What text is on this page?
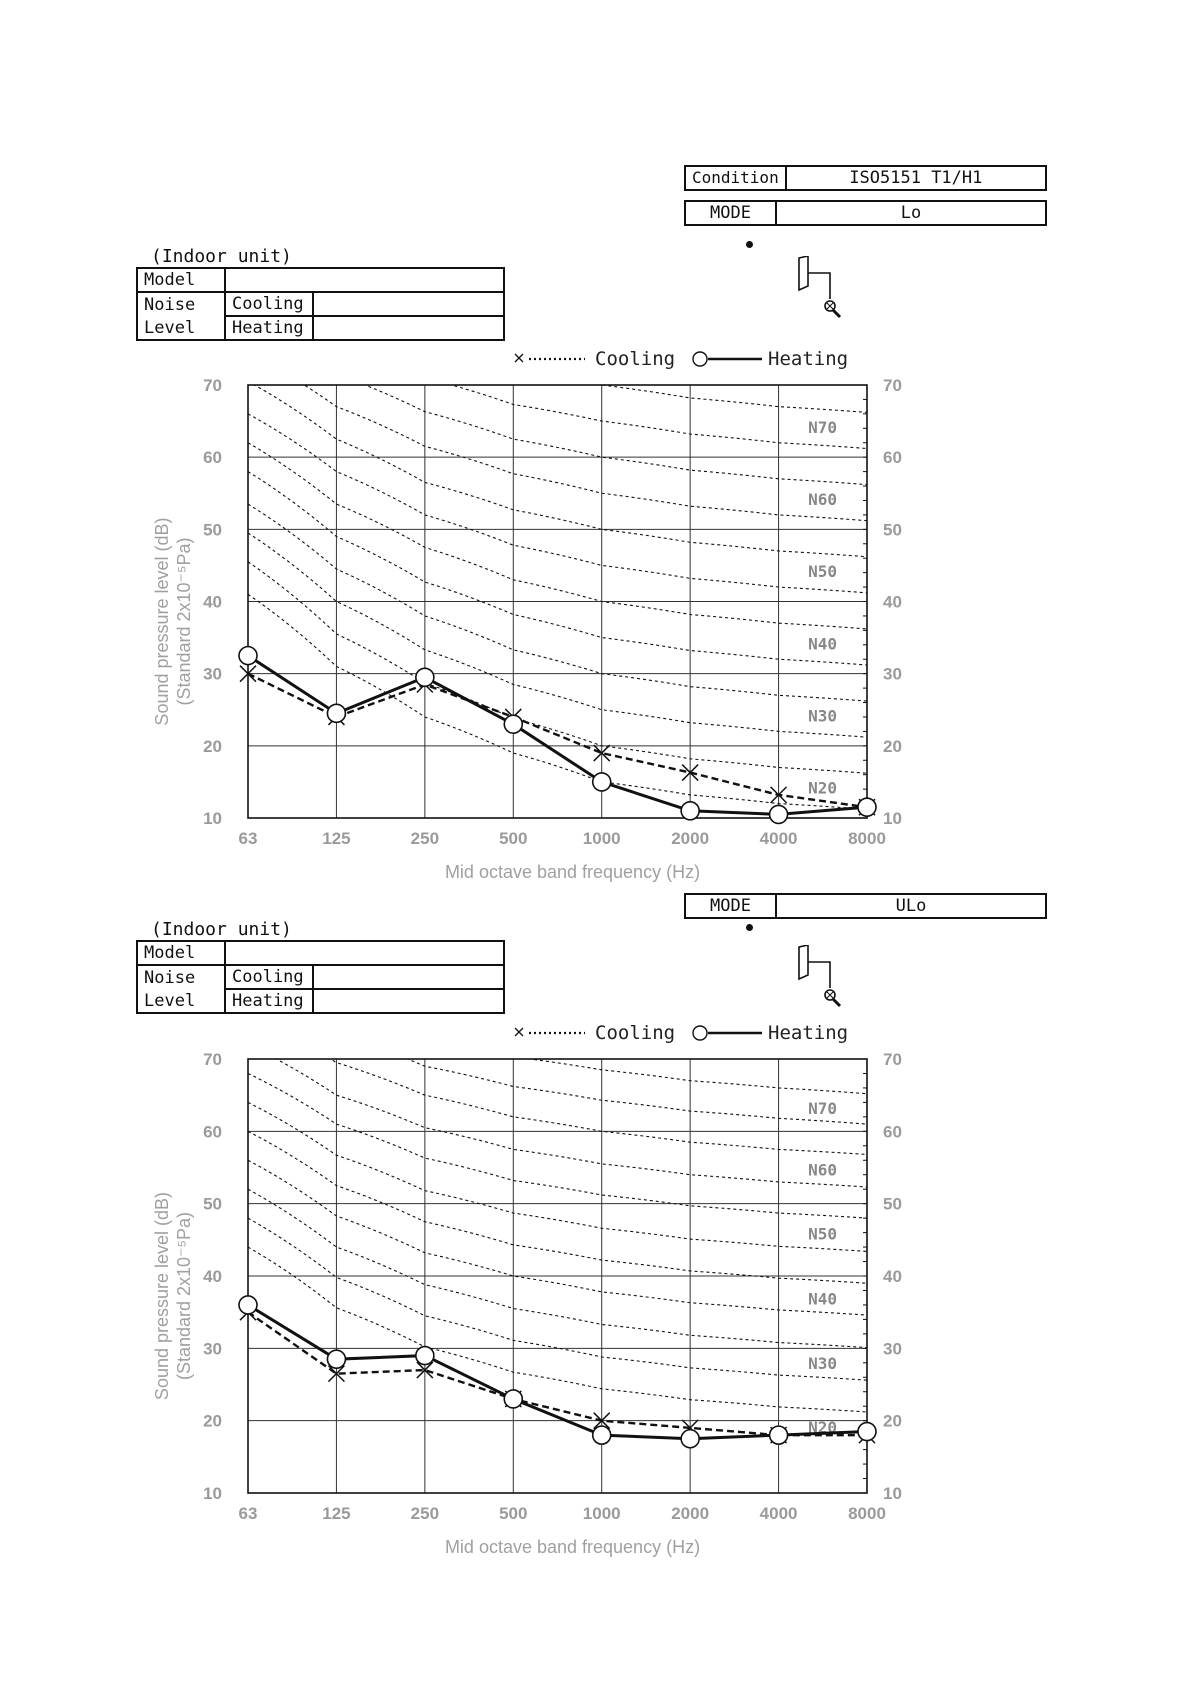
Condition	ISO5151 T1/H1
MODE	Lo
(Indoor unit)
Model		
Noise	Cooling	
Level	Heating	
N70
N60
N50
N40
N30
N20
10	10
20	20
30	30
40	40
50	50
60	60
70	70
63	125	250	500	1000	2000	4000	8000
Mid octave band frequency (Hz)
Sound pressure level (dB) (Standard 2x10⁻⁵Pa)
Cooling	Heating
MODE	ULo
(Indoor unit)
Model		
Noise	Cooling	
Level	Heating	
N70
N60
N50
N40
N30
N20
10	10
20	20
30	30
40	40
50	50
60	60
70	70
63	125	250	500	1000	2000	4000	8000
Mid octave band frequency (Hz)
Sound pressure level (dB) (Standard 2x10⁻⁵Pa)
Cooling	Heating
